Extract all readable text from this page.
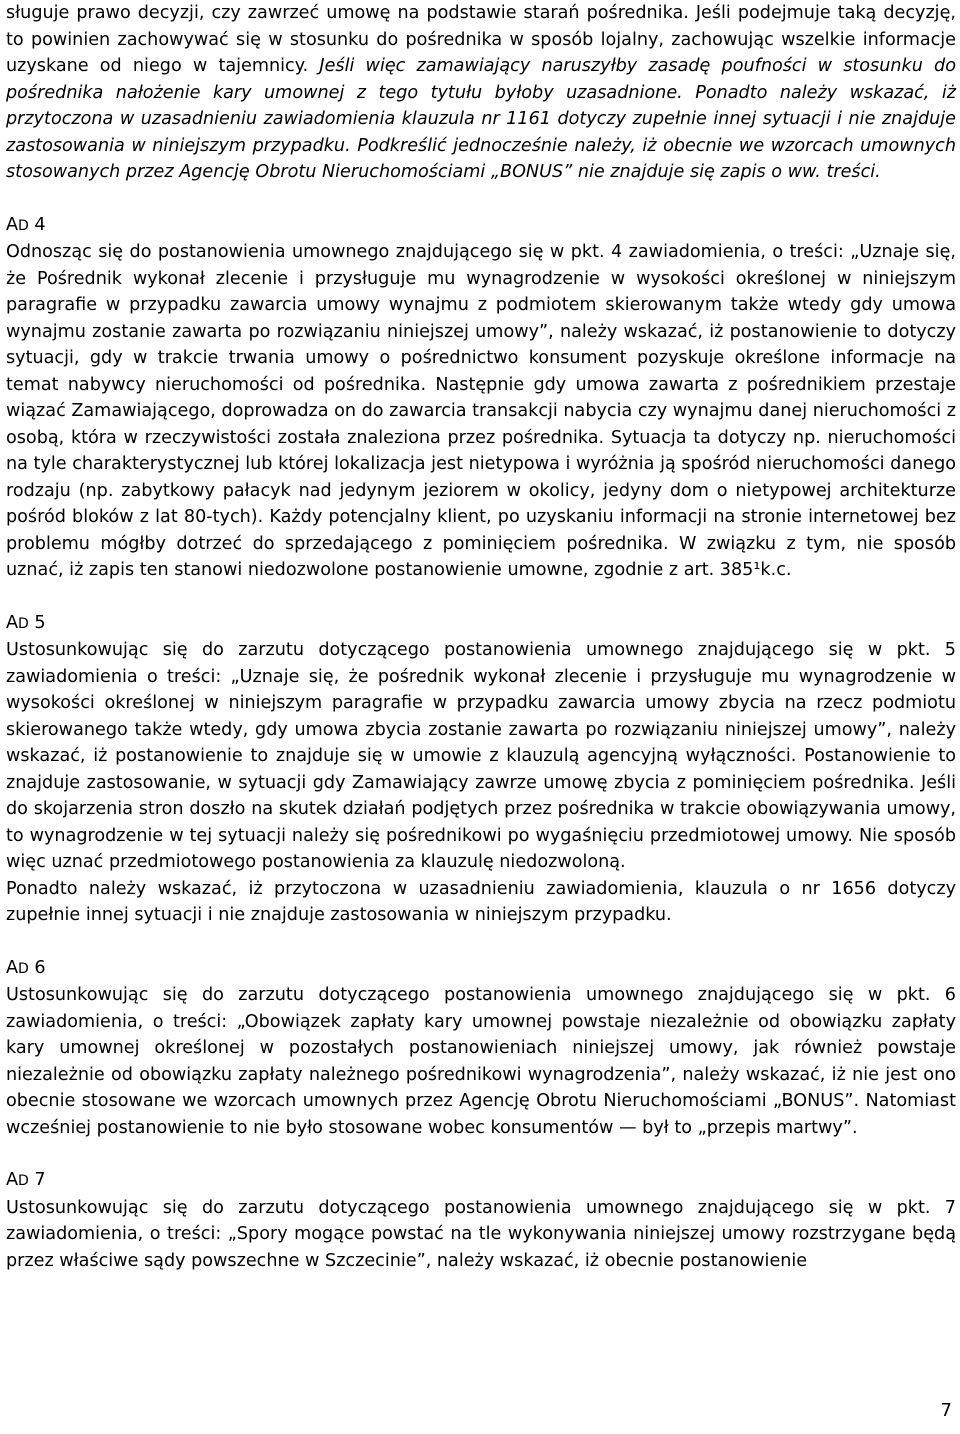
sługuje prawo decyzji, czy zawrzeć umowę na podstawie starań pośrednika. Jeśli podejmuje taką decyzję, to powinien zachowywać się w stosunku do pośrednika w sposób lojalny, zachowując wszelkie informacje uzyskane od niego w tajemnicy. Jeśli więc zamawiający naruszyłby zasadę poufności w stosunku do pośrednika nałożenie kary umownej z tego tytułu byłoby uzasadnione. Ponadto należy wskazać, iż przytoczona w uzasadnieniu zawiadomienia klauzula nr 1161 dotyczy zupełnie innej sytuacji i nie znajduje zastosowania w niniejszym przypadku. Podkreślić jednocześnie należy, iż obecnie we wzorcach umownych stosowanych przez Agencję Obrotu Nieruchomościami „BONUS” nie znajduje się zapis o ww. treści.

AD 4

Odnosząc się do postanowienia umownego znajdującego się w pkt. 4 zawiadomienia, o treści: „Uznaje się, że Pośrednik wykonał zlecenie i przysługuje mu wynagrodzenie w wysokości określonej w niniejszym paragrafie w przypadku zawarcia umowy wynajmu z podmiotem skierowanym także wtedy gdy umowa wynajmu zostanie zawarta po rozwiązaniu niniejszej umowy”, należy wskazać, iż postanowienie to dotyczy sytuacji, gdy w trakcie trwania umowy o pośrednictwo konsument pozyskuje określone informacje na temat nabywcy nieruchomości od pośrednika. Następnie gdy umowa zawarta z pośrednikiem przestaje wiązać Zamawiającego, doprowadza on do zawarcia transakcji nabycia czy wynajmu danej nieruchomości z osobą, która w rzeczywistości została znaleziona przez pośrednika. Sytuacja ta dotyczy np. nieruchomości na tyle charakterystycznej lub której lokalizacja jest nietypowa i wyróżnia ją spośród nieruchomości danego rodzaju (np. zabytkowy pałacyk nad jedynym jeziorem w okolicy, jedyny dom o nietypowej architekturze pośród bloków z lat 80-tych). Każdy potencjalny klient, po uzyskaniu informacji na stronie internetowej bez problemu mógłby dotrzeć do sprzedającego z pominięciem pośrednika. W związku z tym, nie sposób uznać, iż zapis ten stanowi niedozwolone postanowienie umowne, zgodnie z art. 385¹k.c.

AD 5

Ustosunkowując się do zarzutu dotyczącego postanowienia umownego znajdującego się w pkt. 5 zawiadomienia o treści: „Uznaje się, że pośrednik wykonał zlecenie i przysługuje mu wynagrodzenie w wysokości określonej w niniejszym paragrafie w przypadku zawarcia umowy zbycia na rzecz podmiotu skierowanego także wtedy, gdy umowa zbycia zostanie zawarta po rozwiązaniu niniejszej umowy”, należy wskazać, iż postanowienie to znajduje się w umowie z klauzulą agencyjną wyłączności. Postanowienie to znajduje zastosowanie, w sytuacji gdy Zamawiający zawrze umowę zbycia z pominięciem pośrednika. Jeśli do skojarzenia stron doszło na skutek działań podjętych przez pośrednika w trakcie obowiązywania umowy, to wynagrodzenie w tej sytuacji należy się pośrednikowi po wygaśnięciu przedmiotowej umowy. Nie sposób więc uznać przedmiotowego postanowienia za klauzulę niedozwoloną.

Ponadto należy wskazać, iż przytoczona w uzasadnieniu zawiadomienia, klauzula o nr 1656 dotyczy zupełnie innej sytuacji i nie znajduje zastosowania w niniejszym przypadku.

AD 6

Ustosunkowując się do zarzutu dotyczącego postanowienia umownego znajdującego się w pkt. 6 zawiadomienia, o treści: „Obowiązek zapłaty kary umownej powstaje niezależnie od obowiązku zapłaty kary umownej określonej w pozostałych postanowieniach niniejszej umowy, jak również powstaje niezależnie od obowiązku zapłaty należnego pośrednikowi wynagrodzenia”, należy wskazać, iż nie jest ono obecnie stosowane we wzorcach umownych przez Agencję Obrotu Nieruchomościami „BONUS”. Natomiast wcześniej postanowienie to nie było stosowane wobec konsumentów — był to „przepis martwy”.

AD 7

Ustosunkowując się do zarzutu dotyczącego postanowienia umownego znajdującego się w pkt. 7 zawiadomienia, o treści: „Spory mogące powstać na tle wykonywania niniejszej umowy rozstrzygane będą przez właściwe sądy powszechne w Szczecinie”, należy wskazać, iż obecnie postanowienie

7
